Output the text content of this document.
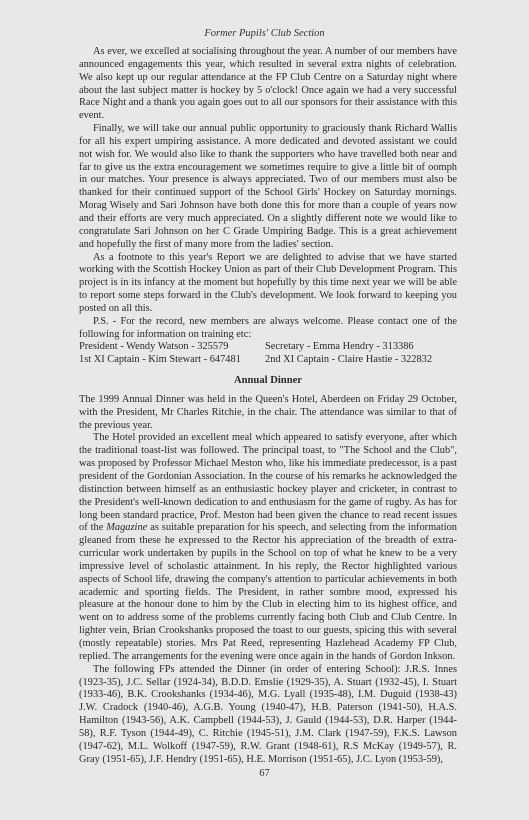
Former Pupils' Club Section

As ever, we excelled at socialising throughout the year. A number of our members have announced engagements this year, which resulted in several extra nights of celebration. We also kept up our regular attendance at the FP Club Centre on a Saturday night where about the last subject matter is hockey by 5 o'clock! Once again we had a very successful Race Night and a thank you again goes out to all our sponsors for their assistance with this event.

Finally, we will take our annual public opportunity to graciously thank Richard Wallis for all his expert umpiring assistance. A more dedicated and devoted assistant we could not wish for. We would also like to thank the supporters who have travelled both near and far to give us the extra encouragement we sometimes require to give a little bit of oomph in our matches. Your presence is always appreciated. Two of our members must also be thanked for their continued support of the School Girls' Hockey on Saturday mornings. Morag Wisely and Sari Johnson have both done this for more than a couple of years now and their efforts are very much appreciated. On a slightly different note we would like to congratulate Sari Johnson on her C Grade Umpiring Badge. This is a great achievement and hopefully the first of many more from the ladies' section.

As a footnote to this year's Report we are delighted to advise that we have started working with the Scottish Hockey Union as part of their Club Development Program. This project is in its infancy at the moment but hopefully by this time next year we will be able to report some steps forward in the Club's development. We look forward to keeping you posted on all this.

P.S. - For the record, new members are always welcome. Please contact one of the following for information on training etc:

President - Wendy Watson - 325579	Secretary - Emma Hendry - 313386
1st XI Captain - Kim Stewart - 647481	2nd XI Captain - Claire Hastie - 322832
Annual Dinner

The 1999 Annual Dinner was held in the Queen's Hotel, Aberdeen on Friday 29 October, with the President, Mr Charles Ritchie, in the chair. The attendance was similar to that of the previous year.

The Hotel provided an excellent meal which appeared to satisfy everyone, after which the traditional toast-list was followed. The principal toast, to "The School and the Club", was proposed by Professor Michael Meston who, like his immediate predecessor, is a past president of the Gordonian Association. In the course of his remarks he acknowledged the distinction between himself as an enthusiastic hockey player and cricketer, in contrast to the President's well-known dedication to and enthusiasm for the game of rugby. As has for long been standard practice, Prof. Meston had been given the chance to read recent issues of the Magazine as suitable preparation for his speech, and selecting from the information gleaned from these he expressed to the Rector his appreciation of the breadth of extra-curricular work undertaken by pupils in the School on top of what he knew to be a very impressive level of scholastic attainment. In his reply, the Rector highlighted various aspects of School life, drawing the company's attention to particular achievements in both academic and sporting fields. The President, in rather sombre mood, expressed his pleasure at the honour done to him by the Club in electing him to its highest office, and went on to address some of the problems currently facing both Club and Club Centre. In lighter vein, Brian Crookshanks proposed the toast to our guests, spicing this with several (mostly repeatable) stories. Mrs Pat Reed, representing Hazlehead Academy FP Club, replied. The arrangements for the evening were once again in the hands of Gordon Inkson.

The following FPs attended the Dinner (in order of entering School): J.R.S. Innes (1923-35), J.C. Sellar (1924-34), B.D.D. Emslie (1929-35), A. Stuart (1932-45), I. Stuart (1933-46), B.K. Crookshanks (1934-46), M.G. Lyall (1935-48), I.M. Duguid (1938-43) J.W. Cradock (1940-46), A.G.B. Young (1940-47), H.B. Paterson (1941-50), H.A.S. Hamilton (1943-56), A.K. Campbell (1944-53), J. Gauld (1944-53), D.R. Harper (1944-58), R.F. Tyson (1944-49), C. Ritchie (1945-51), J.M. Clark (1947-59), F.K.S. Lawson (1947-62), M.L. Wolkoff (1947-59), R.W. Grant (1948-61), R.S McKay (1949-57), R. Gray (1951-65), J.F. Hendry (1951-65), H.E. Morrison (1951-65), J.C. Lyon (1953-59),

67
